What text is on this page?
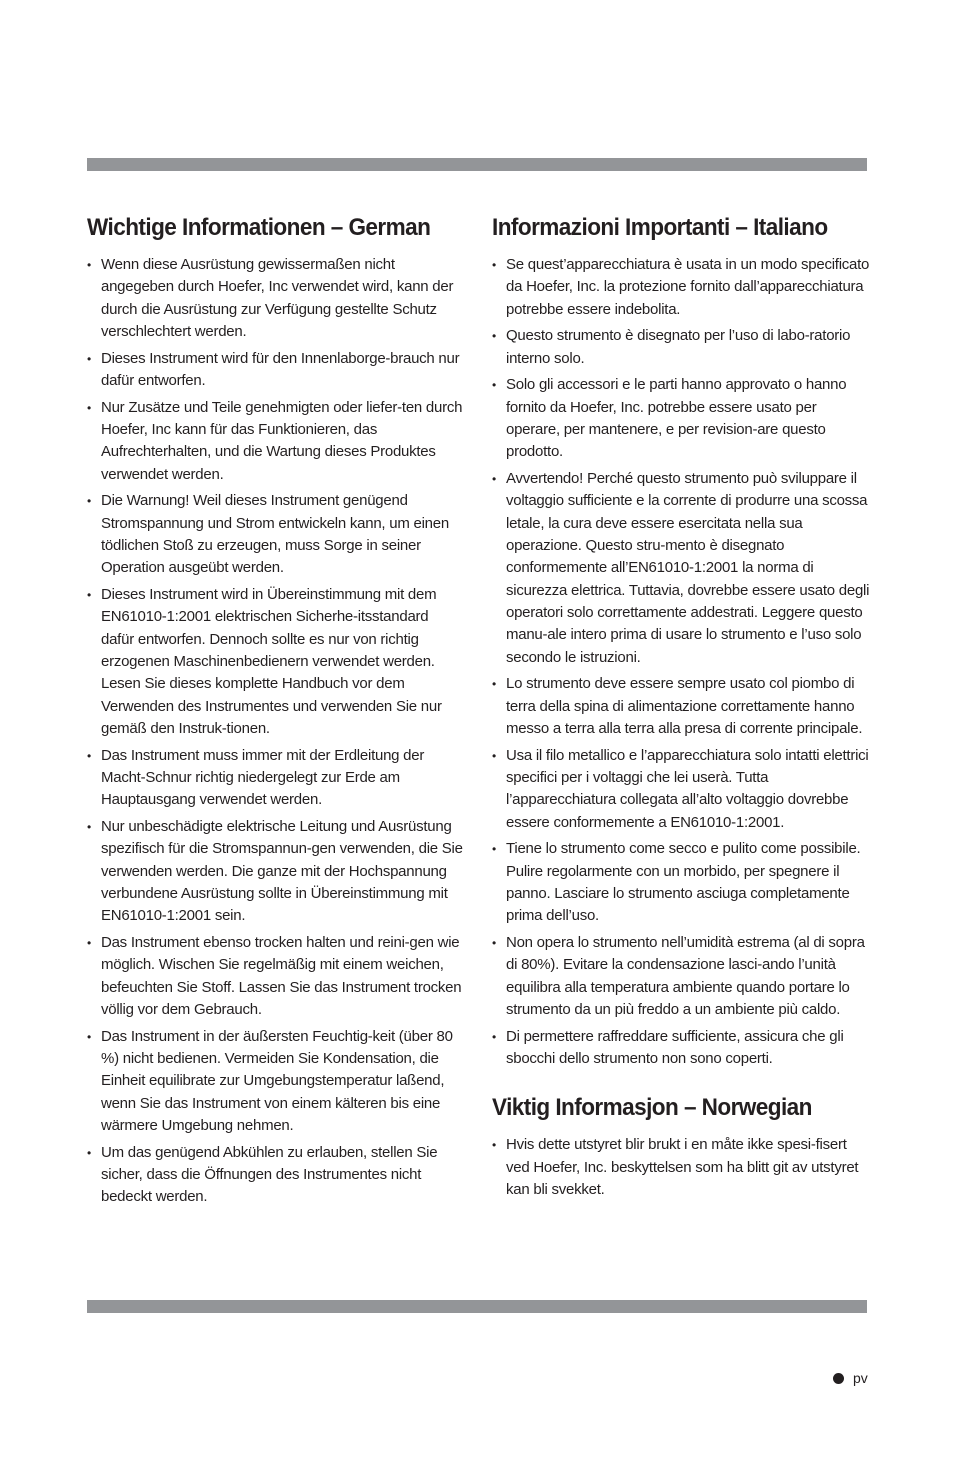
Wichtige Informationen – German
• Wenn diese Ausrüstung gewissermaßen nicht angegeben durch Hoefer, Inc verwendet wird, kann der durch die Ausrüstung zur Verfügung gestellte Schutz verschlechtert werden.
• Dieses Instrument wird für den Innenlaborge-brauch nur dafür entworfen.
• Nur Zusätze und Teile genehmigten oder liefer-ten durch Hoefer, Inc kann für das Funktionieren, das Aufrechterhalten, und die Wartung dieses Produktes verwendet werden.
• Die Warnung! Weil dieses Instrument genügend Stromspannung und Strom entwickeln kann, um einen tödlichen Stoß zu erzeugen, muss Sorge in seiner Operation ausgeübt werden.
• Dieses Instrument wird in Übereinstimmung mit dem EN61010-1:2001 elektrischen Sicherhe-itsstandard dafür entworfen. Dennoch sollte es nur von richtig erzogenen Maschinenbedienern verwendet werden. Lesen Sie dieses komplette Handbuch vor dem Verwenden des Instrumentes und verwenden Sie nur gemäß den Instruk-tionen.
• Das Instrument muss immer mit der Erdleitung der Macht-Schnur richtig niedergelegt zur Erde am Hauptausgang verwendet werden.
• Nur unbeschädigte elektrische Leitung und Ausrüstung spezifisch für die Stromspannun-gen verwenden, die Sie verwenden werden. Die ganze mit der Hochspannung verbundene Ausrüstung sollte in Übereinstimmung mit EN61010-1:2001 sein.
• Das Instrument ebenso trocken halten und reini-gen wie möglich. Wischen Sie regelmäßig mit einem weichen, befeuchten Sie Stoff. Lassen Sie das Instrument trocken völlig vor dem Gebrauch.
• Das Instrument in der äußersten Feuchtig-keit (über 80 %) nicht bedienen. Vermeiden Sie Kondensation, die Einheit equilibrate zur Umgebungstemperatur laßend, wenn Sie das Instrument von einem kälteren bis eine wärmere Umgebung nehmen.
• Um das genügend Abkühlen zu erlauben, stellen Sie sicher, dass die Öffnungen des Instrumentes nicht bedeckt werden.
Informazioni Importanti – Italiano
• Se quest’apparecchiatura è usata in un modo specificato da Hoefer, Inc. la protezione fornito dall’apparecchiatura potrebbe essere indebolita.
• Questo strumento è disegnato per l’uso di labo-ratorio interno solo.
• Solo gli accessori e le parti hanno approvato o hanno fornito da Hoefer, Inc. potrebbe essere usato per operare, per mantenere, e per revision-are questo prodotto.
• Avvertendo! Perché questo strumento può sviluppare il voltaggio sufficiente e la corrente di produrre una scossa letale, la cura deve essere esercitata nella sua operazione. Questo stru-mento è disegnato conformemente all’EN61010-1:2001 la norma di sicurezza elettrica. Tuttavia, dovrebbe essere usato degli operatori solo correttamente addestrati. Leggere questo manu-ale intero prima di usare lo strumento e l’uso solo secondo le istruzioni.
• Lo strumento deve essere sempre usato col piombo di terra della spina di alimentazione correttamente hanno messo a terra alla terra alla presa di corrente principale.
• Usa il filo metallico e l’apparecchiatura solo intatti elettrici specifici per i voltaggi che lei userà. Tutta l’apparecchiatura collegata all’alto voltaggio dovrebbe essere conformemente a EN61010-1:2001.
• Tiene lo strumento come secco e pulito come possibile. Pulire regolarmente con un morbido, per spegnere il panno. Lasciare lo strumento asciuga completamente prima dell’uso.
• Non opera lo strumento nell’umidità estrema (al di sopra di 80%). Evitare la condensazione lasci-ando l’unità equilibra alla temperatura ambiente quando portare lo strumento da un più freddo a un ambiente più caldo.
• Di permettere raffreddare sufficiente, assicura che gli sbocchi dello strumento non sono coperti.
Viktig Informasjon – Norwegian
• Hvis dette utstyret blir brukt i en måte ikke spesi-fisert ved Hoefer, Inc. beskyttelsen som ha blitt git av utstyret kan bli svekket.
pv
